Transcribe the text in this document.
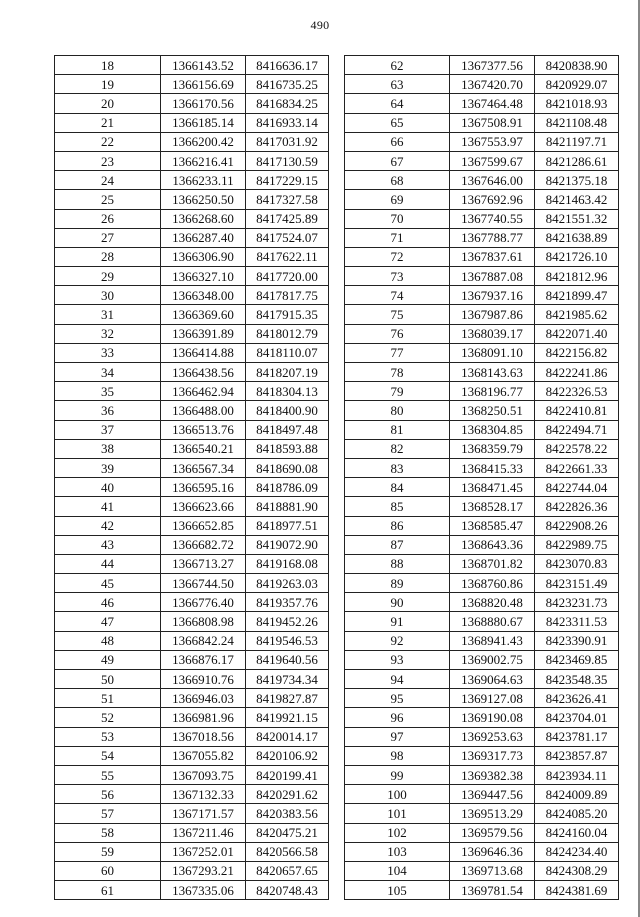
490
18	1366143.52	8416636.17
19	1366156.69	8416735.25
20	1366170.56	8416834.25
21	1366185.14	8416933.14
22	1366200.42	8417031.92
23	1366216.41	8417130.59
24	1366233.11	8417229.15
25	1366250.50	8417327.58
26	1366268.60	8417425.89
27	1366287.40	8417524.07
28	1366306.90	8417622.11
29	1366327.10	8417720.00
30	1366348.00	8417817.75
31	1366369.60	8417915.35
32	1366391.89	8418012.79
33	1366414.88	8418110.07
34	1366438.56	8418207.19
35	1366462.94	8418304.13
36	1366488.00	8418400.90
37	1366513.76	8418497.48
38	1366540.21	8418593.88
39	1366567.34	8418690.08
40	1366595.16	8418786.09
41	1366623.66	8418881.90
42	1366652.85	8418977.51
43	1366682.72	8419072.90
44	1366713.27	8419168.08
45	1366744.50	8419263.03
46	1366776.40	8419357.76
47	1366808.98	8419452.26
48	1366842.24	8419546.53
49	1366876.17	8419640.56
50	1366910.76	8419734.34
51	1366946.03	8419827.87
52	1366981.96	8419921.15
53	1367018.56	8420014.17
54	1367055.82	8420106.92
55	1367093.75	8420199.41
56	1367132.33	8420291.62
57	1367171.57	8420383.56
58	1367211.46	8420475.21
59	1367252.01	8420566.58
60	1367293.21	8420657.65
61	1367335.06	8420748.43
62	1367377.56	8420838.90
63	1367420.70	8420929.07
64	1367464.48	8421018.93
65	1367508.91	8421108.48
66	1367553.97	8421197.71
67	1367599.67	8421286.61
68	1367646.00	8421375.18
69	1367692.96	8421463.42
70	1367740.55	8421551.32
71	1367788.77	8421638.89
72	1367837.61	8421726.10
73	1367887.08	8421812.96
74	1367937.16	8421899.47
75	1367987.86	8421985.62
76	1368039.17	8422071.40
77	1368091.10	8422156.82
78	1368143.63	8422241.86
79	1368196.77	8422326.53
80	1368250.51	8422410.81
81	1368304.85	8422494.71
82	1368359.79	8422578.22
83	1368415.33	8422661.33
84	1368471.45	8422744.04
85	1368528.17	8422826.36
86	1368585.47	8422908.26
87	1368643.36	8422989.75
88	1368701.82	8423070.83
89	1368760.86	8423151.49
90	1368820.48	8423231.73
91	1368880.67	8423311.53
92	1368941.43	8423390.91
93	1369002.75	8423469.85
94	1369064.63	8423548.35
95	1369127.08	8423626.41
96	1369190.08	8423704.01
97	1369253.63	8423781.17
98	1369317.73	8423857.87
99	1369382.38	8423934.11
100	1369447.56	8424009.89
101	1369513.29	8424085.20
102	1369579.56	8424160.04
103	1369646.36	8424234.40
104	1369713.68	8424308.29
105	1369781.54	8424381.69
